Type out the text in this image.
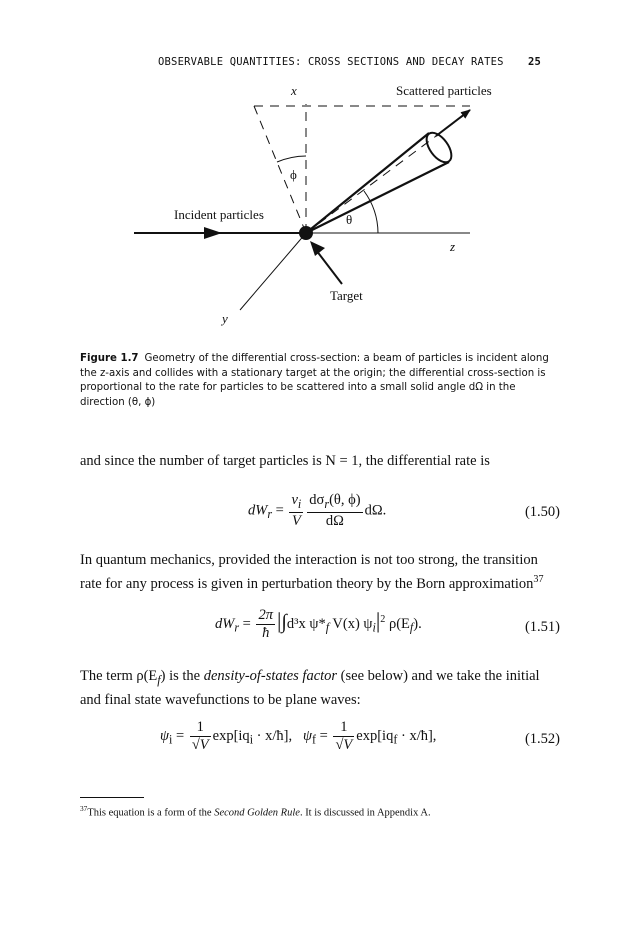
OBSERVABLE QUANTITIES: CROSS SECTIONS AND DECAY RATES 25
x	Scattered particles
ϕ
Incident particles	θ
z
Target
y
Figure 1.7 Geometry of the differential cross-section: a beam of particles is incident along the z-axis and collides with a stationary target at the origin; the differential cross-section is proportional to the rate for particles to be scattered into a small solid angle dΩ in the direction (θ, ϕ)
and since the number of target particles is N = 1, the differential rate is
$dW_r = \frac{v_i}{V} \frac{d\sigma_r(\theta, \phi)}{d\Omega} d\Omega$.	(1.50)
In quantum mechanics, provided the interaction is not too strong, the transition rate for any process is given in perturbation theory by the Born approximation$^{37}$
$dW_r = \frac{2\pi}{ħ} |\int d^3x$ $\psi*_f$ V(x) $\psi_i|^2$ $\rho(E_f)$.	(1.51)
The term $\rho(E_f)$ is the density-of-states factor (see below) and we take the initial and final state wavefunctions to be plane waves:
$\psi_i = \frac{1}{√V} \exp[iq_i$ · x/ħ], $\psi_f = \frac{1}{√V} \exp[iq_f$ · x/ħ],	(1.52)
$^{37}$This equation is a form of the Second Golden Rule. It is discussed in Appendix A.
